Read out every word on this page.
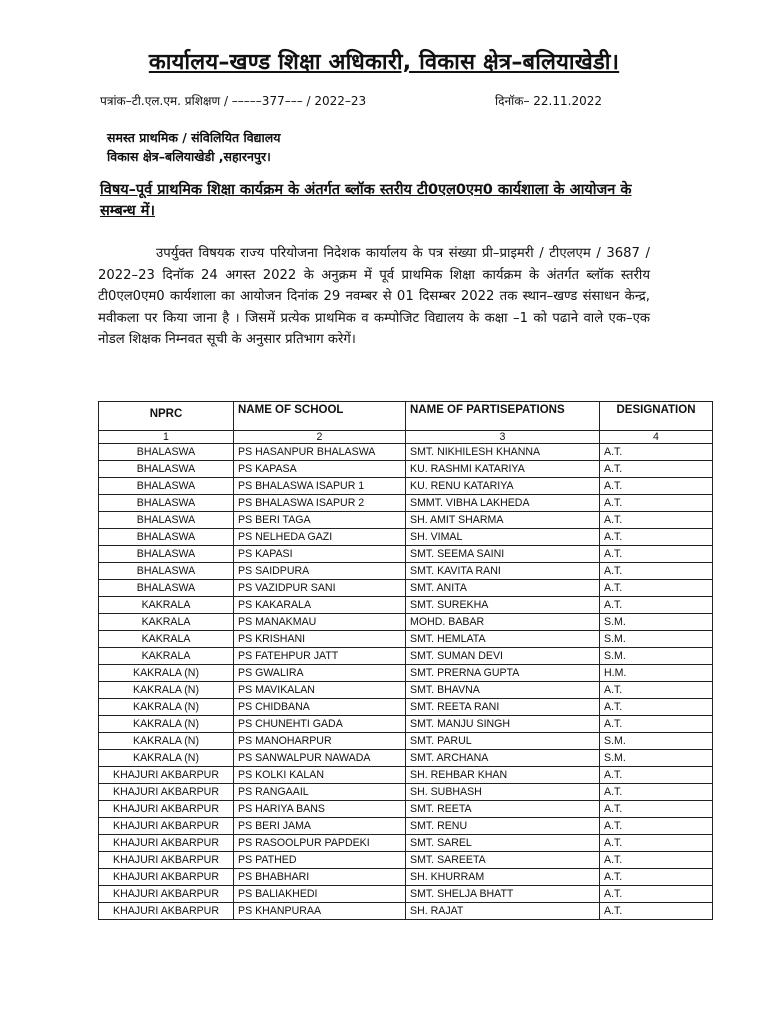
कार्यालय–खण्ड शिक्षा अधिकारी, विकास क्षेत्र–बलियाखेडी।
पत्रांक–टी.एल.एम. प्रशिक्षण / –––––377––– / 2022–23	दिनॉक– 22.11.2022
समस्त प्राथमिक / संविलियित विद्यालय
विकास क्षेत्र–बलियाखेडी ,सहारनपुर।
विषय–पूर्व प्राथमिक शिक्षा कार्यक्रम के अंतर्गत ब्लॉक स्तरीय टी0एल0एम0 कार्यशाला के आयोजन के सम्बन्ध में।
उपर्युक्त विषयक राज्य परियोजना निदेशक कार्यालय के पत्र संख्या प्री–प्राइमरी / टीएलएम / 3687 / 2022–23 दिनॉक 24 अगस्त 2022 के अनुक्रम में पूर्व प्राथमिक शिक्षा कार्यक्रम के अंतर्गत ब्लॉक स्तरीय टी0एल0एम0 कार्यशाला का आयोजन दिनांक 29 नवम्बर से 01 दिसम्बर 2022 तक स्थान–खण्ड संसाधन केन्द्र, मवीकला पर किया जाना है । जिसमें प्रत्येक प्राथमिक व कम्पोजिट विद्यालय के कक्षा –1 को पढाने वाले एक–एक नोडल शिक्षक निम्नवत सूची के अनुसार प्रतिभाग करेगें।
NPRC	NAME OF SCHOOL	NAME OF PARTISEPATIONS	DESIGNATION
1	2	3	4
BHALASWA	PS HASANPUR BHALASWA	SMT. NIKHILESH KHANNA	A.T.
BHALASWA	PS KAPASA	KU. RASHMI KATARIYA	A.T.
BHALASWA	PS BHALASWA ISAPUR 1	KU. RENU KATARIYA	A.T.
BHALASWA	PS BHALASWA ISAPUR 2	SMMT. VIBHA LAKHEDA	A.T.
BHALASWA	PS BERI TAGA	SH. AMIT SHARMA	A.T.
BHALASWA	PS NELHEDA GAZI	SH. VIMAL	A.T.
BHALASWA	PS KAPASI	SMT. SEEMA SAINI	A.T.
BHALASWA	PS SAIDPURA	SMT. KAVITA RANI	A.T.
BHALASWA	PS VAZIDPUR SANI	SMT. ANITA	A.T.
KAKRALA	PS KAKARALA	SMT. SUREKHA	A.T.
KAKRALA	PS MANAKMAU	MOHD. BABAR	S.M.
KAKRALA	PS KRISHANI	SMT. HEMLATA	S.M.
KAKRALA	PS FATEHPUR JATT	SMT. SUMAN DEVI	S.M.
KAKRALA (N)	PS GWALIRA	SMT. PRERNA GUPTA	H.M.
KAKRALA (N)	PS MAVIKALAN	SMT. BHAVNA	A.T.
KAKRALA (N)	PS CHIDBANA	SMT. REETA RANI	A.T.
KAKRALA (N)	PS CHUNEHTI GADA	SMT. MANJU SINGH	A.T.
KAKRALA (N)	PS MANOHARPUR	SMT. PARUL	S.M.
KAKRALA (N)	PS SANWALPUR NAWADA	SMT. ARCHANA	S.M.
KHAJURI AKBARPUR	PS KOLKI KALAN	SH. REHBAR KHAN	A.T.
KHAJURI AKBARPUR	PS RANGAAIL	SH. SUBHASH	A.T.
KHAJURI AKBARPUR	PS HARIYA BANS	SMT. REETA	A.T.
KHAJURI AKBARPUR	PS BERI JAMA	SMT. RENU	A.T.
KHAJURI AKBARPUR	PS RASOOLPUR PAPDEKI	SMT. SAREL	A.T.
KHAJURI AKBARPUR	PS PATHED	SMT. SAREETA	A.T.
KHAJURI AKBARPUR	PS BHABHARI	SH. KHURRAM	A.T.
KHAJURI AKBARPUR	PS BALIAKHEDI	SMT. SHELJA BHATT	A.T.
KHAJURI AKBARPUR	PS KHANPURAA	SH. RAJAT	A.T.
